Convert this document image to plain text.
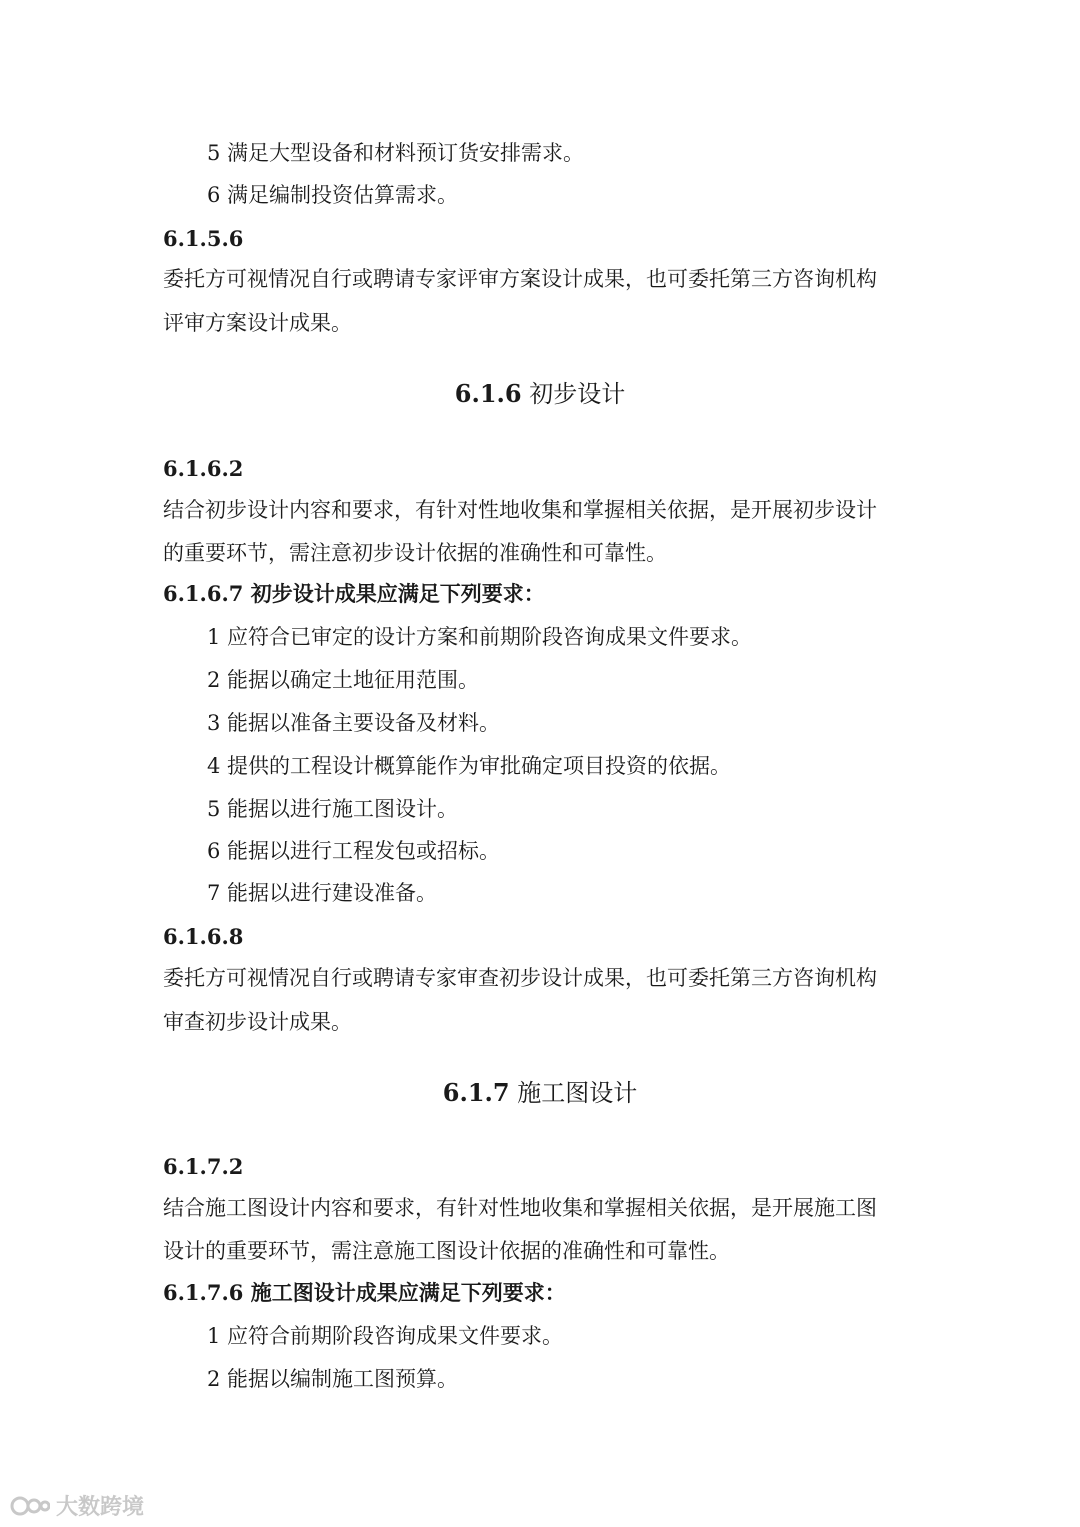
5 满足大型设备和材料预订货安排需求。
6 满足编制投资估算需求。
6.1.5.6
委托方可视情况自行或聘请专家评审方案设计成果，也可委托第三方咨询机构
评审方案设计成果。
6.1.6 初步设计
6.1.6.2
结合初步设计内容和要求，有针对性地收集和掌握相关依据，是开展初步设计
的重要环节，需注意初步设计依据的准确性和可靠性。
6.1.6.7 初步设计成果应满足下列要求：
1 应符合已审定的设计方案和前期阶段咨询成果文件要求。
2 能据以确定土地征用范围。
3 能据以准备主要设备及材料。
4 提供的工程设计概算能作为审批确定项目投资的依据。
5 能据以进行施工图设计。
6 能据以进行工程发包或招标。
7 能据以进行建设准备。
6.1.6.8
委托方可视情况自行或聘请专家审查初步设计成果，也可委托第三方咨询机构
审查初步设计成果。
6.1.7 施工图设计
6.1.7.2
结合施工图设计内容和要求，有针对性地收集和掌握相关依据，是开展施工图
设计的重要环节，需注意施工图设计依据的准确性和可靠性。
6.1.7.6 施工图设计成果应满足下列要求：
1 应符合前期阶段咨询成果文件要求。
2 能据以编制施工图预算。
大数跨境
